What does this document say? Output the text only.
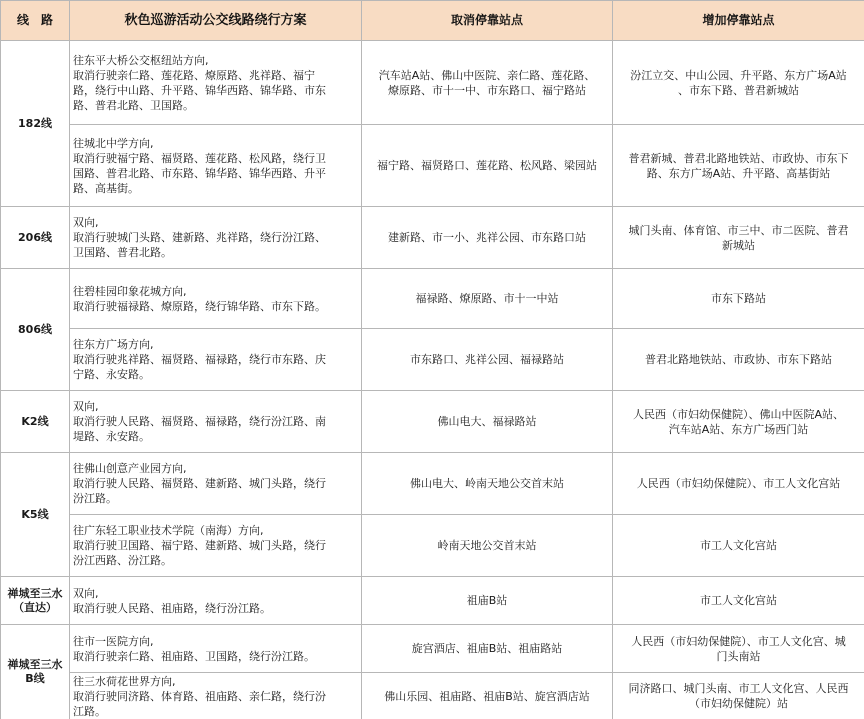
线　路	秋色巡游活动公交线路绕行方案	取消停靠站点	增加停靠站点
182线	往东平大桥公交枢纽站方向,
取消行驶亲仁路、莲花路、燎原路、兆祥路、福宁
路，绕行中山路、升平路、锦华西路、锦华路、市东
路、普君北路、卫国路。	汽车站A站、佛山中医院、亲仁路、莲花路、
燎原路、市十一中、市东路口、福宁路站	汾江立交、中山公园、升平路、东方广场A站
、市东下路、普君新城站
	往城北中学方向,
取消行驶福宁路、福贤路、莲花路、松风路，绕行卫
国路、普君北路、市东路、锦华路、锦华西路、升平
路、高基街。	福宁路、福贤路口、莲花路、松风路、梁园站	普君新城、普君北路地铁站、市政协、市东下
路、东方广场A站、升平路、高基街站
206线	双向,
取消行驶城门头路、建新路、兆祥路，绕行汾江路、
卫国路、普君北路。	建新路、市一小、兆祥公园、市东路口站	城门头南、体育馆、市三中、市二医院、普君
新城站
806线	往碧桂园印象花城方向,
取消行驶福禄路、燎原路，绕行锦华路、市东下路。	福禄路、燎原路、市十一中站	市东下路站
	往东方广场方向,
取消行驶兆祥路、福贤路、福禄路，绕行市东路、庆
宁路、永安路。	市东路口、兆祥公园、福禄路站	普君北路地铁站、市政协、市东下路站
K2线	双向,
取消行驶人民路、福贤路、福禄路，绕行汾江路、南
堤路、永安路。	佛山电大、福禄路站	人民西（市妇幼保健院）、佛山中医院A站、
汽车站A站、东方广场西门站
K5线	往佛山创意产业园方向,
取消行驶人民路、福贤路、建新路、城门头路，绕行
汾江路。	佛山电大、岭南天地公交首末站	人民西（市妇幼保健院）、市工人文化宫站
	往广东轻工职业技术学院（南海）方向,
取消行驶卫国路、福宁路、建新路、城门头路，绕行
汾江西路、汾江路。	岭南天地公交首末站	市工人文化宫站
禅城至三水
（直达）	双向,
取消行驶人民路、祖庙路，绕行汾江路。	祖庙B站	市工人文化宫站
禅城至三水
B线	往市一医院方向,
取消行驶亲仁路、祖庙路、卫国路，绕行汾江路。	旋宫酒店、祖庙B站、祖庙路站	人民西（市妇幼保健院）、市工人文化宫、城
门头南站
	往三水荷花世界方向,
取消行驶同济路、体育路、祖庙路、亲仁路，绕行汾
江路。	佛山乐园、祖庙路、祖庙B站、旋宫酒店站	同济路口、城门头南、市工人文化宫、人民西
（市妇幼保健院）站
